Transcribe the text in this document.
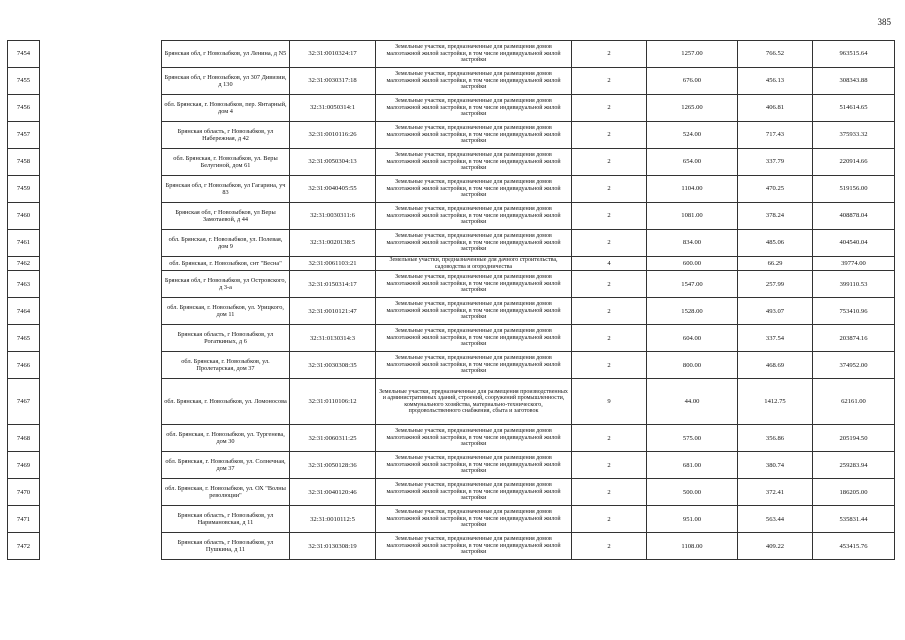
385
7454		Брянская обл, г Новозыбков, ул Ленина, д N5	32:31:0010324:17	Земельные участки, предназначенные для размещения домов малоэтажной жилой застройки, в том числе индивидуальной жилой застройки	2	1257.00	766.52	963515.64
7455		Брянская обл, г Новозыбков, ул 307 Дивизии, д 130	32:31:0030317:18	Земельные участки, предназначенные для размещения домов малоэтажной жилой застройки, в том числе индивидуальной жилой застройки	2	676.00	456.13	308343.88
7456		обл. Брянская, г. Новозыбков, пер. Янтарный, дом 4	32:31:0050314:1	Земельные участки, предназначенные для размещения домов малоэтажной жилой застройки, в том числе индивидуальной жилой застройки	2	1265.00	406.81	514614.65
7457		Брянская область, г Новозыбков, ул Набережная, д 42	32:31:0010116:26	Земельные участки, предназначенные для размещения домов малоэтажной жилой застройки, в том числе индивидуальной жилой застройки	2	524.00	717.43	375933.32
7458		обл. Брянская, г. Новозыбков, ул. Веры Белугиной, дом 61	32:31:0050304:13	Земельные участки, предназначенные для размещения домов малоэтажной жилой застройки, в том числе индивидуальной жилой застройки	2	654.00	337.79	220914.66
7459		Брянская обл, г Новозыбков, ул Гагарина, уч 83	32:31:0040405:55	Земельные участки, предназначенные для размещения домов малоэтажной жилой застройки, в том числе индивидуальной жилой застройки	2	1104.00	470.25	519156.00
7460		Брянская обл, г Новозыбков, ул Веры Замотаевой, д 44	32:31:0030311:6	Земельные участки, предназначенные для размещения домов малоэтажной жилой застройки, в том числе индивидуальной жилой застройки	2	1081.00	378.24	408878.04
7461		обл. Брянская, г. Новозыбков, ул. Полевая, дом 9	32:31:0020138:5	Земельные участки, предназначенные для размещения домов малоэтажной жилой застройки, в том числе индивидуальной жилой застройки	2	834.00	485.06	404540.04
7462		обл. Брянская, г. Новозыбков, снт "Весна"	32:31:0061103:21	Земельные участки, предназначенные для дачного строительства, садоводства и огородничества	4	600.00	66.29	39774.00
7463		Брянская обл, г Новозыбков, ул Островского, д 3-а	32:31:0150314:17	Земельные участки, предназначенные для размещения домов малоэтажной жилой застройки, в том числе индивидуальной жилой застройки	2	1547.00	257.99	399110.53
7464		обл. Брянская, г. Новозыбков, ул. Урицкого, дом 11	32:31:0010121:47	Земельные участки, предназначенные для размещения домов малоэтажной жилой застройки, в том числе индивидуальной жилой застройки	2	1528.00	493.07	753410.96
7465		Брянская область, г Новозыбков, ул Рогаткиных, д 6	32:31:0130314:3	Земельные участки, предназначенные для размещения домов малоэтажной жилой застройки, в том числе индивидуальной жилой застройки	2	604.00	337.54	203874.16
7466		обл. Брянская, г. Новозыбков, ул. Пролетарская, дом 37	32:31:0030308:35	Земельные участки, предназначенные для размещения домов малоэтажной жилой застройки, в том числе индивидуальной жилой застройки	2	800.00	468.69	374952.00
7467		обл. Брянская, г. Новозыбков, ул. Ломоносова	32:31:0110106:12	Земельные участки, предназначенные для размещения производственных и административных зданий, строений, сооружений промышленности, коммунального хозяйства, материально-технического, продовольственного снабжения, сбыта и заготовок	9	44.00	1412.75	62161.00
7468		обл. Брянская, г. Новозыбков, ул. Тургенева, дом 30	32:31:0060311:25	Земельные участки, предназначенные для размещения домов малоэтажной жилой застройки, в том числе индивидуальной жилой застройки	2	575.00	356.86	205194.50
7469		обл. Брянская, г. Новозыбков, ул. Солнечная, дом 37	32:31:0050128:36	Земельные участки, предназначенные для размещения домов малоэтажной жилой застройки, в том числе индивидуальной жилой застройки	2	681.00	380.74	259283.94
7470		обл. Брянская, г. Новозыбков, ул. ОХ "Волны революции"	32:31:0040120:46	Земельные участки, предназначенные для размещения домов малоэтажной жилой застройки, в том числе индивидуальной жилой застройки	2	500.00	372.41	186205.00
7471		Брянская область, г Новозыбков, ул Наримановская, д 11	32:31:0010112:5	Земельные участки, предназначенные для размещения домов малоэтажной жилой застройки, в том числе индивидуальной жилой застройки	2	951.00	563.44	535831.44
7472		Брянская область, г Новозыбков, ул Пушкина, д 11	32:31:0130308:19	Земельные участки, предназначенные для размещения домов малоэтажной жилой застройки, в том числе индивидуальной жилой застройки	2	1108.00	409.22	453415.76
